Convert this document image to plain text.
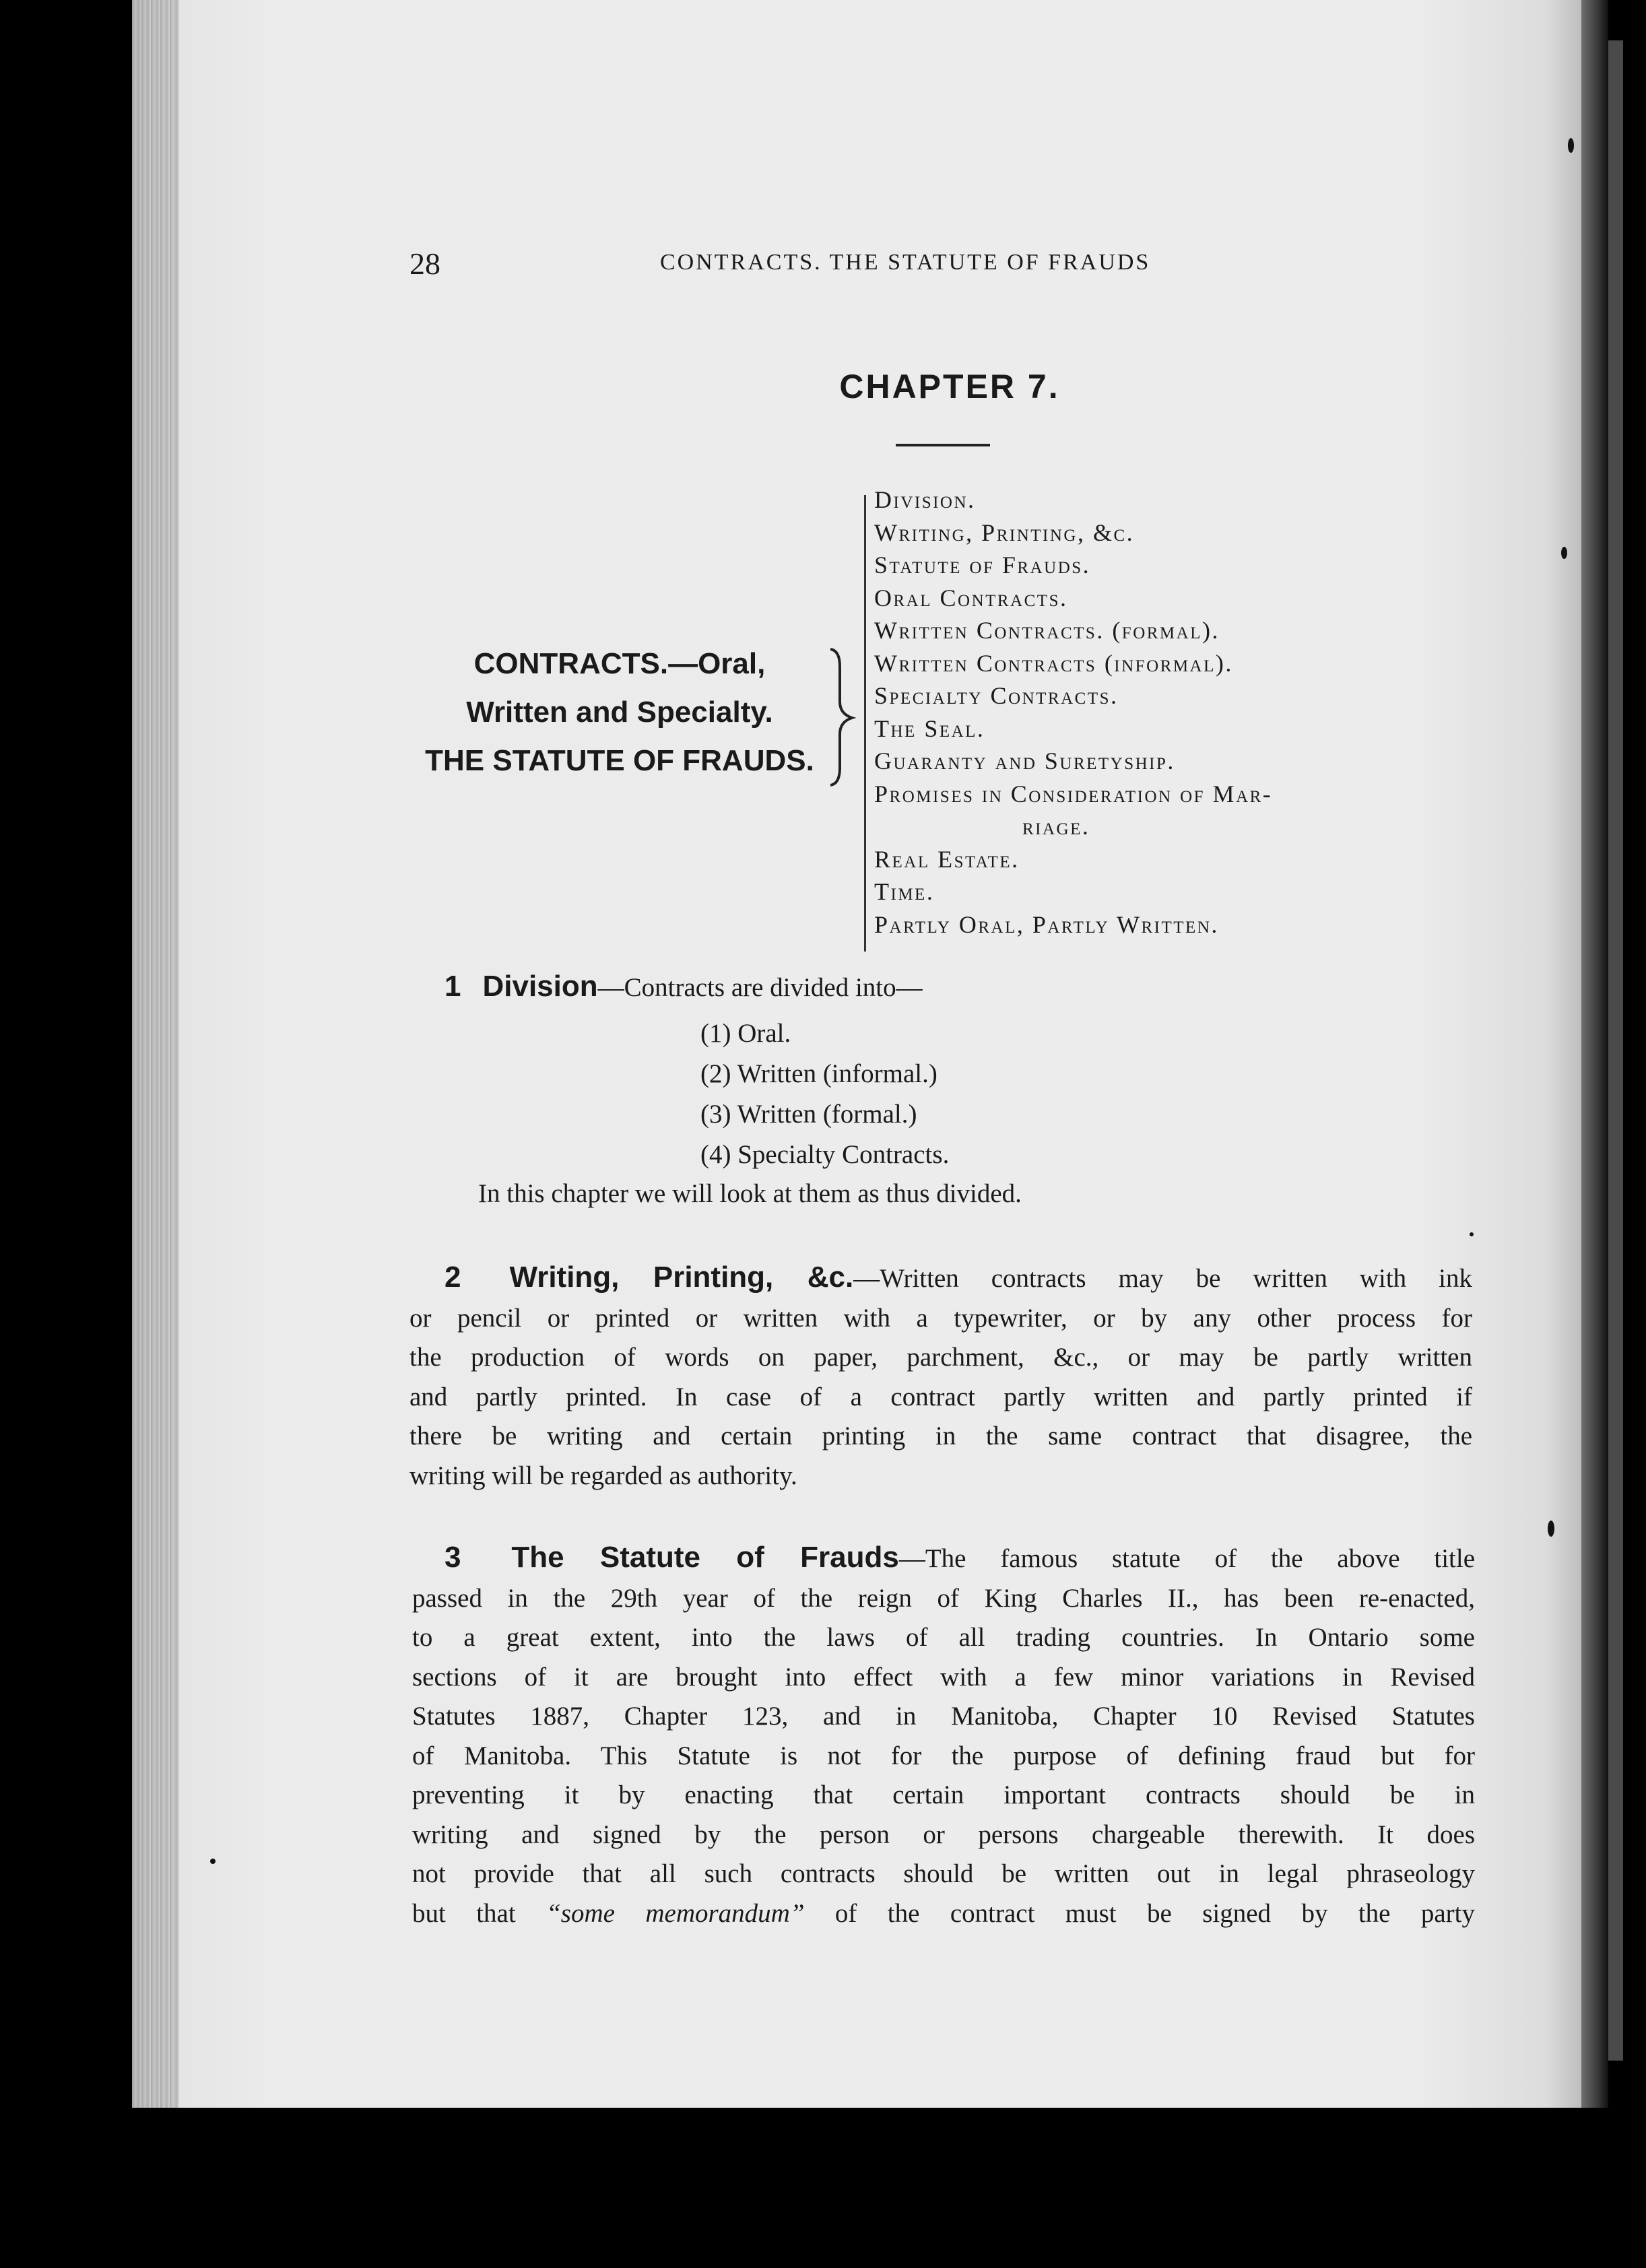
28	CONTRACTS. THE STATUTE OF FRAUDS
CHAPTER 7.
CONTRACTS.—Oral,
Written and Specialty.
THE STATUTE OF FRAUDS.
Division.
Writing, Printing, &c.
Statute of Frauds.
Oral Contracts.
Written Contracts. (formal).
Written Contracts (informal).
Specialty Contracts.
The Seal.
Guaranty and Suretyship.
Promises in Consideration of Mar-
riage.
Real Estate.
Time.
Partly Oral, Partly Written.
1 Division—Contracts are divided into—
(1) Oral.
(2) Written (informal.)
(3) Written (formal.)
(4) Specialty Contracts.
In this chapter we will look at them as thus divided.
2 Writing, Printing, &c.—Written contracts may be written with ink
or pencil or printed or written with a typewriter, or by any other process for
the production of words on paper, parchment, &c., or may be partly written
and partly printed. In case of a contract partly written and partly printed if
there be writing and certain printing in the same contract that disagree, the
writing will be regarded as authority.
3 The Statute of Frauds—The famous statute of the above title
passed in the 29th year of the reign of King Charles II., has been re-enacted,
to a great extent, into the laws of all trading countries. In Ontario some
sections of it are brought into effect with a few minor variations in Revised
Statutes 1887, Chapter 123, and in Manitoba, Chapter 10 Revised Statutes
of Manitoba. This Statute is not for the purpose of defining fraud but for
preventing it by enacting that certain important contracts should be in
writing and signed by the person or persons chargeable therewith. It does
not provide that all such contracts should be written out in legal phraseology
but that “some memorandum” of the contract must be signed by the party
